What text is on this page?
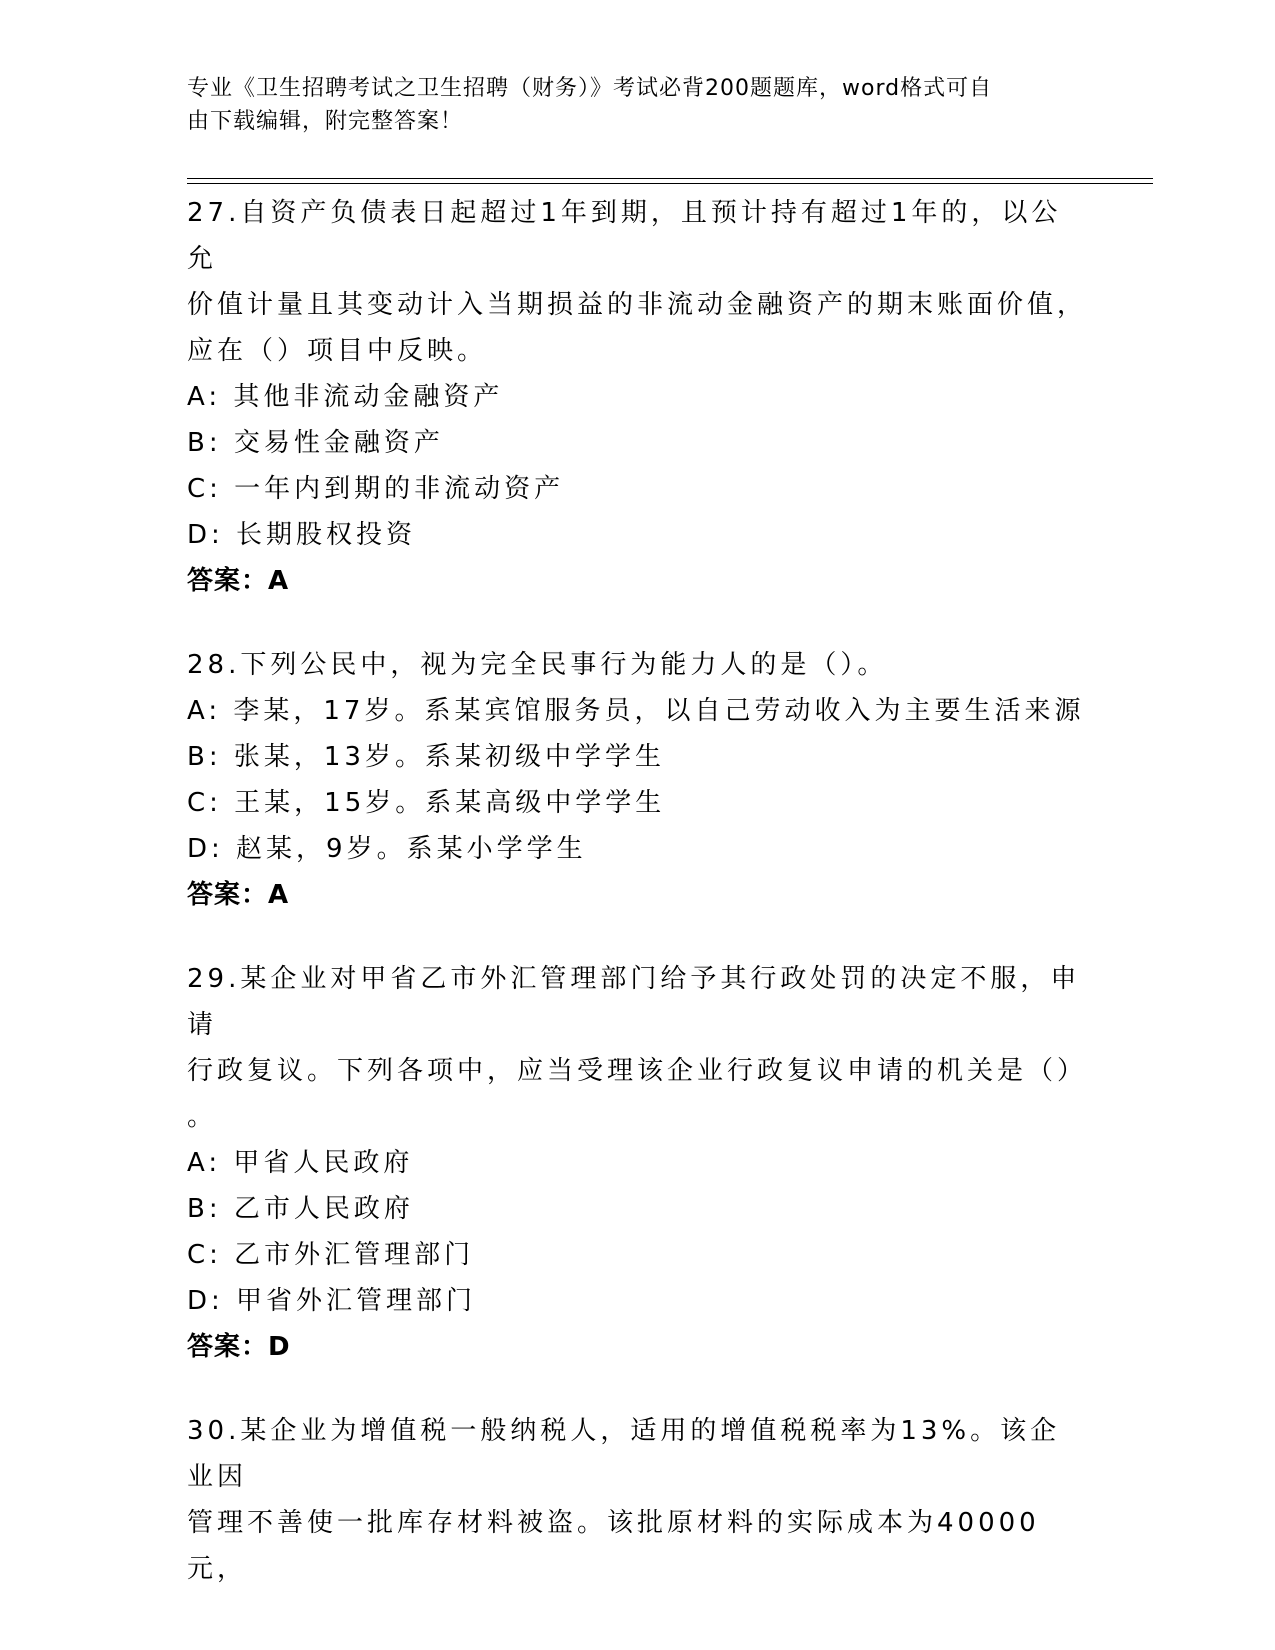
专业《卫生招聘考试之卫生招聘（财务）》考试必背200题题库，word格式可自
由下载编辑，附完整答案！
27.自资产负债表日起超过1年到期，且预计持有超过1年的，以公允
价值计量且其变动计入当期损益的非流动金融资产的期末账面价值，
应在（）项目中反映。
A: 其他非流动金融资产
B: 交易性金融资产
C: 一年内到期的非流动资产
D: 长期股权投资
答案：A
28.下列公民中，视为完全民事行为能力人的是（）。
A: 李某，17岁。系某宾馆服务员，以自己劳动收入为主要生活来源
B: 张某，13岁。系某初级中学学生
C: 王某，15岁。系某高级中学学生
D: 赵某，9岁。系某小学学生
答案：A
29.某企业对甲省乙市外汇管理部门给予其行政处罚的决定不服，申请
行政复议。下列各项中，应当受理该企业行政复议申请的机关是（）
。
A: 甲省人民政府
B: 乙市人民政府
C: 乙市外汇管理部门
D: 甲省外汇管理部门
答案：D
30.某企业为增值税一般纳税人，适用的增值税税率为13%。该企业因
管理不善使一批库存材料被盗。该批原材料的实际成本为40000元，
